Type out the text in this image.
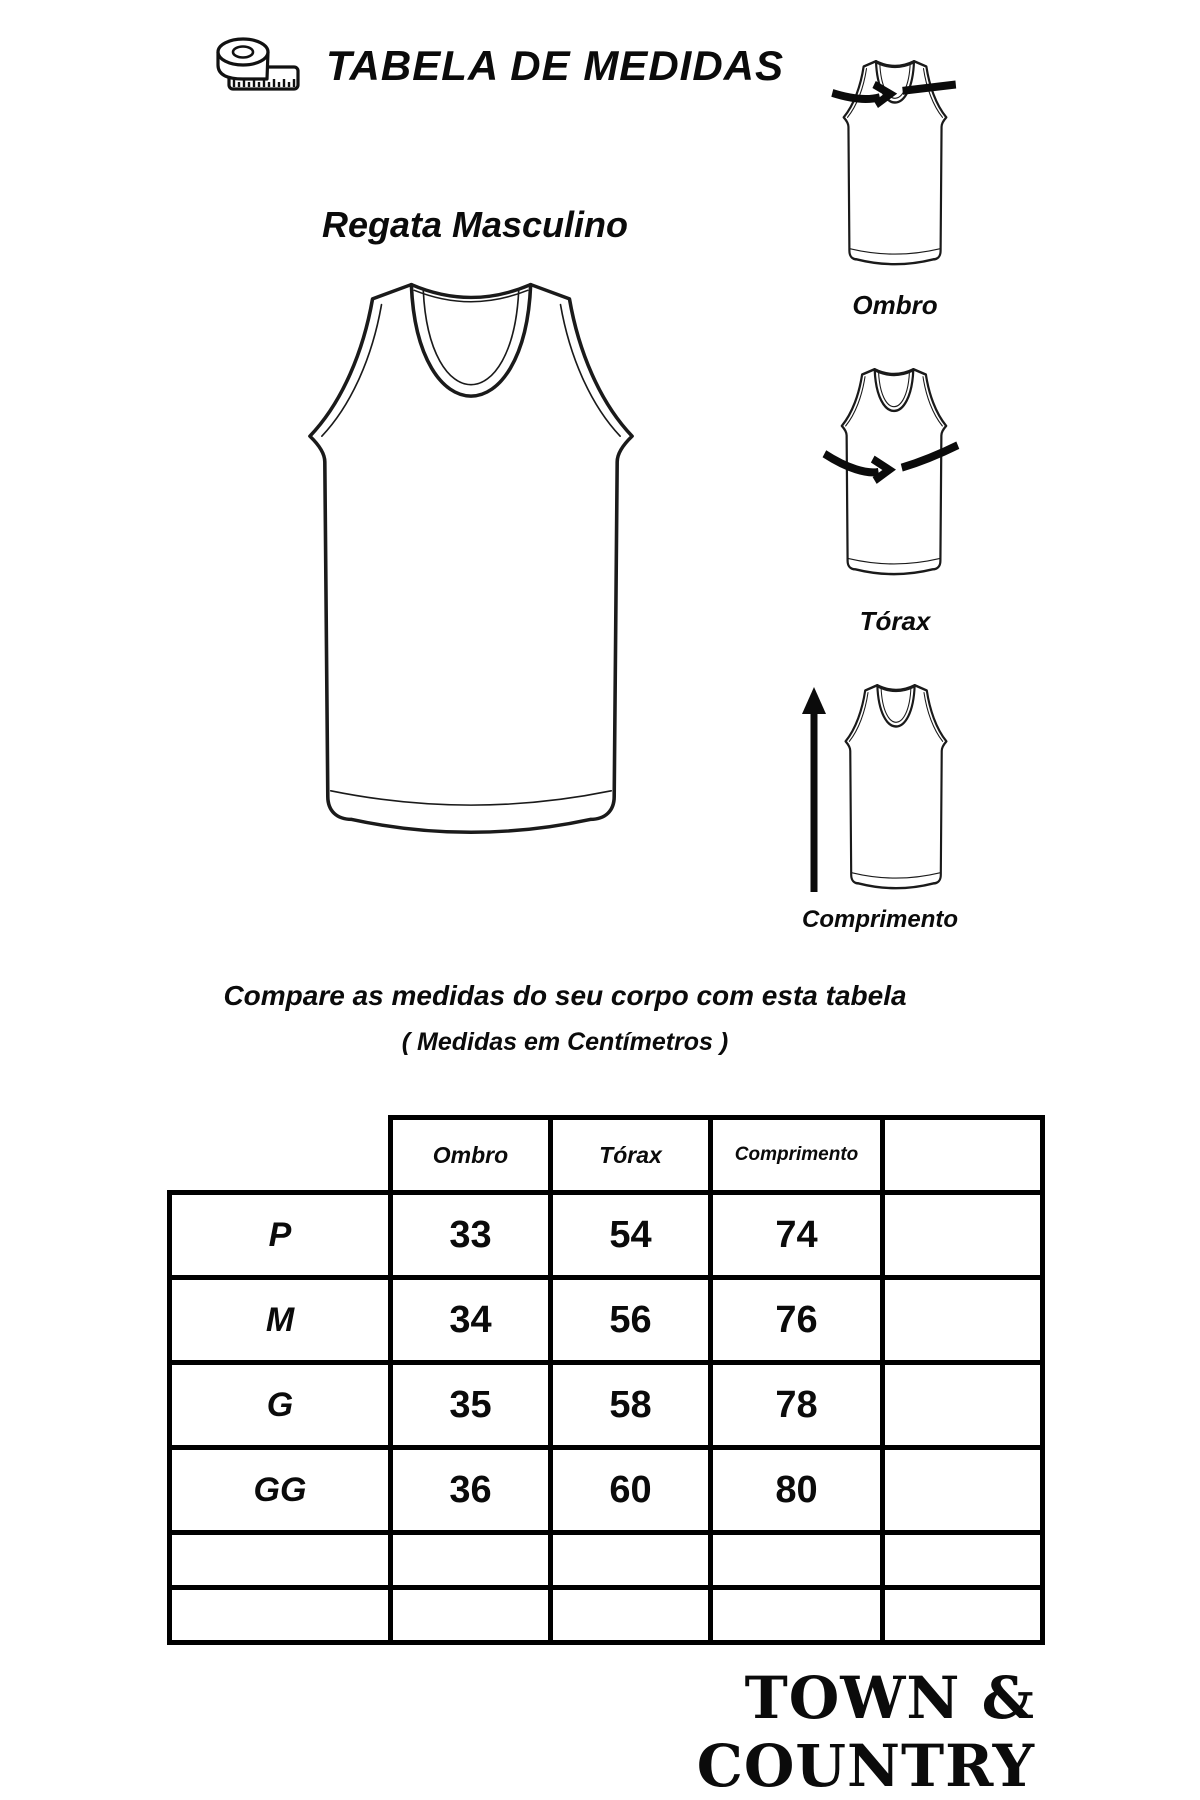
TABELA DE MEDIDAS
Regata Masculino
Ombro
Tórax
Comprimento
Compare as medidas do seu corpo com esta tabela
( Medidas em Centímetros )
	Ombro	Tórax	Comprimento	
P	33	54	74	
M	34	56	76	
G	35	58	78	
GG	36	60	80	

TOWN & COUNTRY
